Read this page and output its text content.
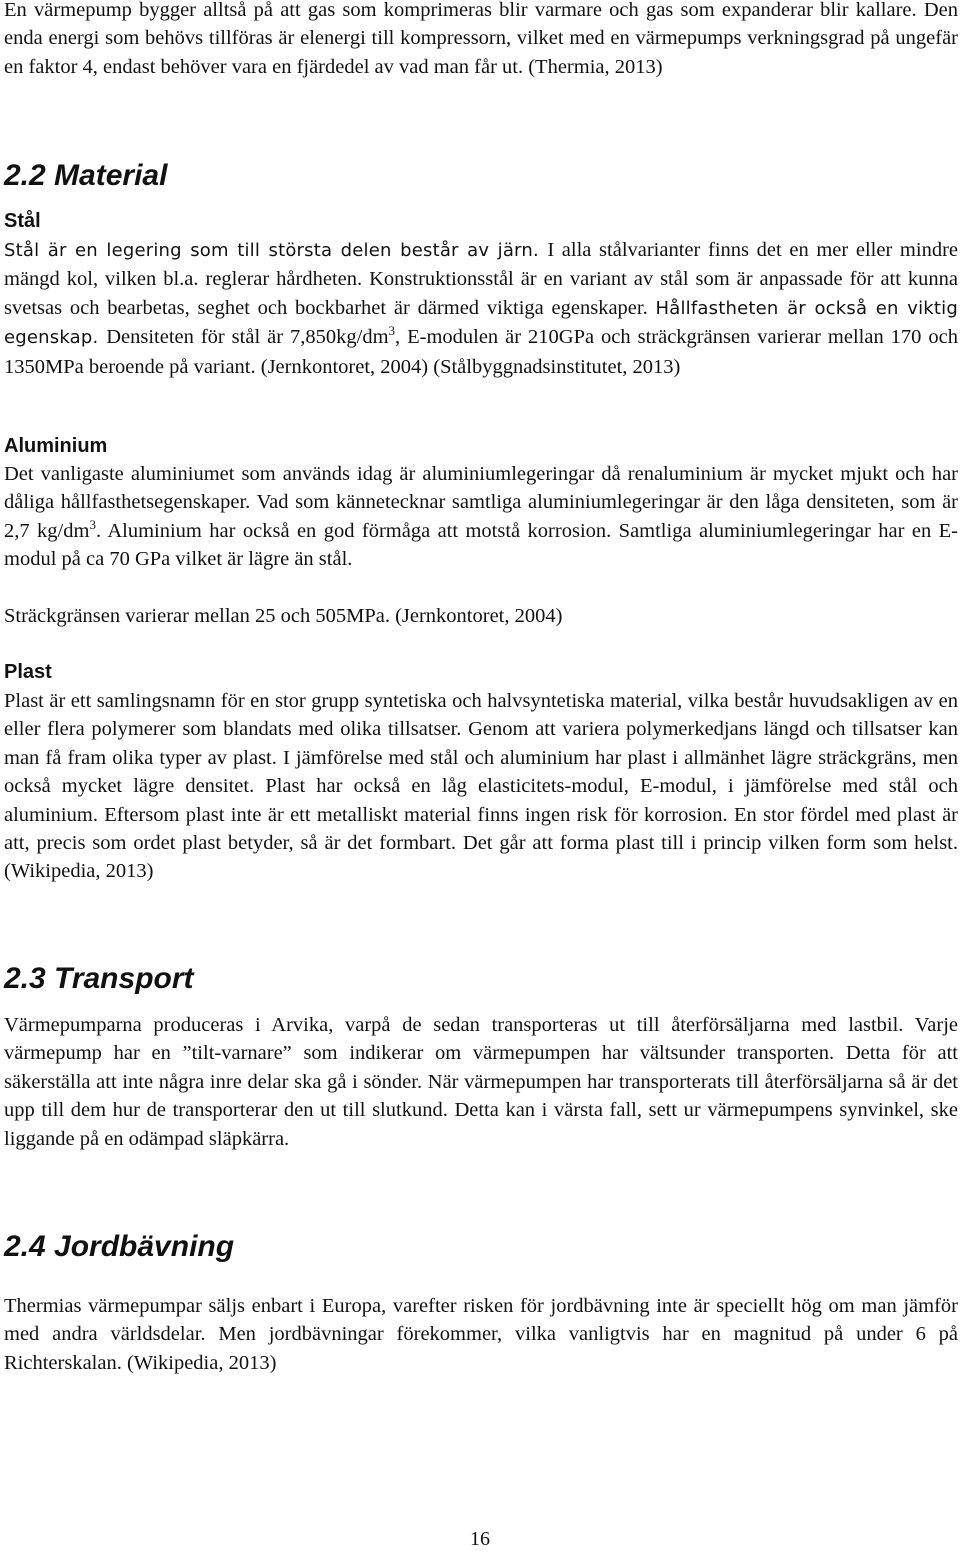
En värmepump bygger alltså på att gas som komprimeras blir varmare och gas som expanderar blir kallare. Den enda energi som behövs tillföras är elenergi till kompressorn, vilket med en värmepumps verkningsgrad på ungefär en faktor 4, endast behöver vara en fjärdedel av vad man får ut. (Thermia, 2013)

2.2 Material
Stål

Stål är en legering som till största delen består av järn. I alla stålvarianter finns det en mer eller mindre mängd kol, vilken bl.a. reglerar hårdheten. Konstruktionsstål är en variant av stål som är anpassade för att kunna svetsas och bearbetas, seghet och bockbarhet är därmed viktiga egenskaper. Hållfastheten är också en viktig egenskap. Densiteten för stål är $7,850kg/dm^3$, E-modulen är 210GPa och sträckgränsen varierar mellan 170 och 1350MPa beroende på variant. (Jernkontoret, 2004) (Stålbyggnadsinstitutet, 2013)

Aluminium

Det vanligaste aluminiumet som används idag är aluminiumlegeringar då renaluminium är mycket mjukt och har dåliga hållfasthetsegenskaper. Vad som kännetecknar samtliga aluminiumlegeringar är den låga densiteten, som är 2,7 $kg/dm^3$. Aluminium har också en god förmåga att motstå korrosion. Samtliga aluminiumlegeringar har en E-modul på ca 70 GPa vilket är lägre än stål.

Sträckgränsen varierar mellan 25 och 505MPa. (Jernkontoret, 2004)

Plast

Plast är ett samlingsnamn för en stor grupp syntetiska och halvsyntetiska material, vilka består huvudsakligen av en eller flera polymerer som blandats med olika tillsatser. Genom att variera polymerkedjans längd och tillsatser kan man få fram olika typer av plast. I jämförelse med stål och aluminium har plast i allmänhet lägre sträckgräns, men också mycket lägre densitet. Plast har också en låg elasticitets-modul, E-modul, i jämförelse med stål och aluminium. Eftersom plast inte är ett metalliskt material finns ingen risk för korrosion. En stor fördel med plast är att, precis som ordet plast betyder, så är det formbart. Det går att forma plast till i princip vilken form som helst. (Wikipedia, 2013)

2.3 Transport

Värmepumparna produceras i Arvika, varpå de sedan transporteras ut till återförsäljarna med lastbil. Varje värmepump har en ”tilt-varnare” som indikerar om värmepumpen har vältsunder transporten. Detta för att säkerställa att inte några inre delar ska gå i sönder. När värmepumpen har transporterats till återförsäljarna så är det upp till dem hur de transporterar den ut till slutkund. Detta kan i värsta fall, sett ur värmepumpens synvinkel, ske liggande på en odämpad släpkärra.

2.4 Jordbävning

Thermias värmepumpar säljs enbart i Europa, varefter risken för jordbävning inte är speciellt hög om man jämför med andra världsdelar. Men jordbävningar förekommer, vilka vanligtvis har en magnitud på under 6 på Richterskalan. (Wikipedia, 2013)

16
